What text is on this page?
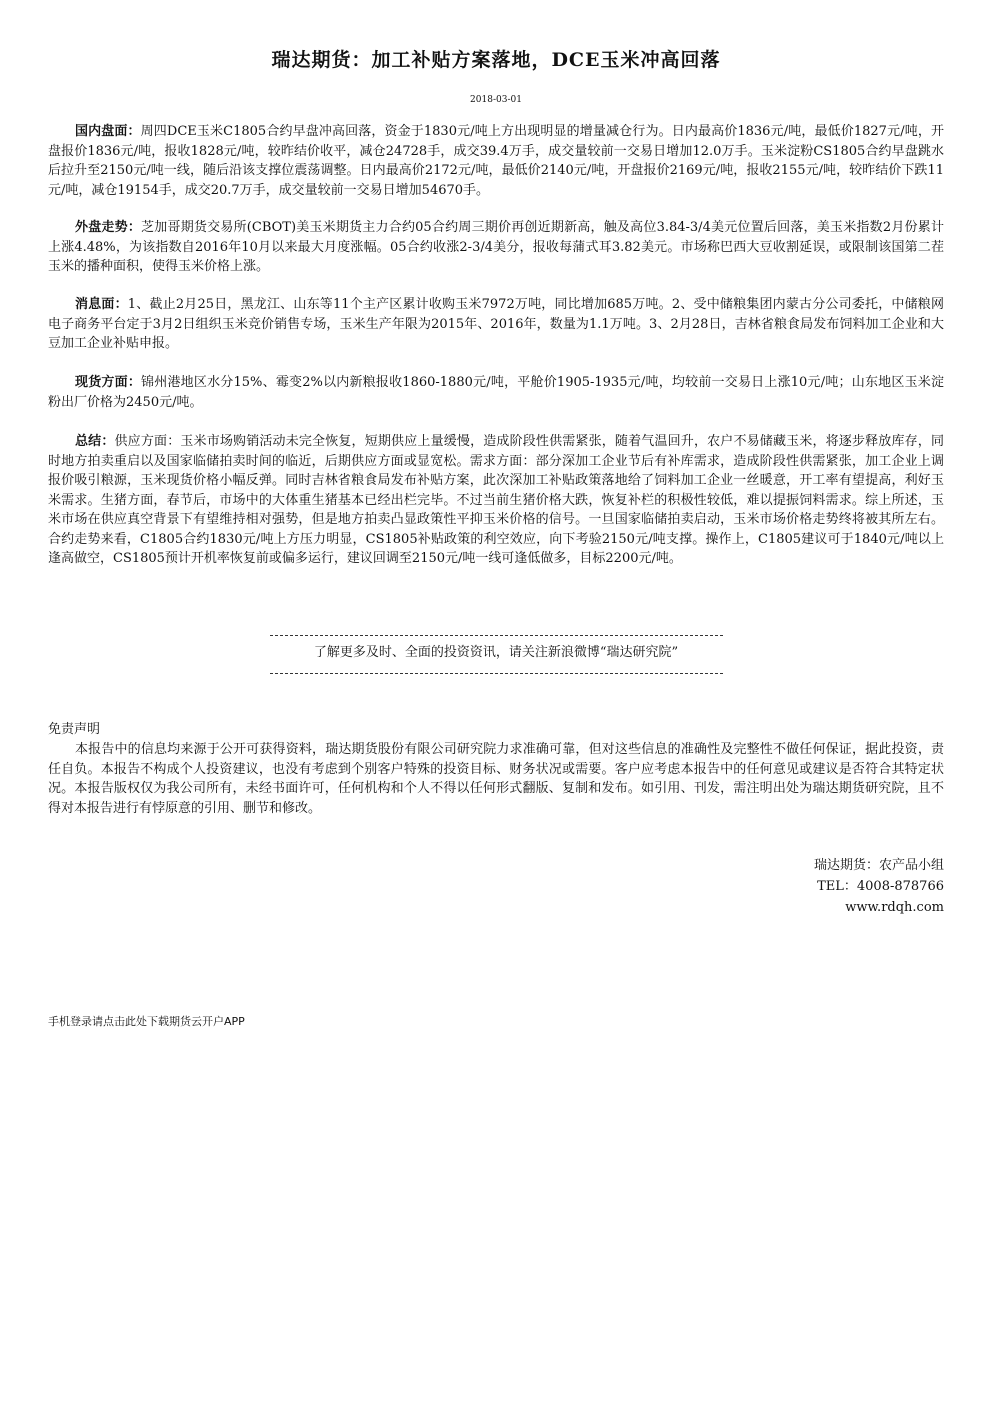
瑞达期货：加工补贴方案落地，DCE玉米冲高回落
2018-03-01

国内盘面：周四DCE玉米C1805合约早盘冲高回落，资金于1830元/吨上方出现明显的增量减仓行为。日内最高价1836元/吨，最低价1827元/吨，开盘报价1836元/吨，报收1828元/吨，较昨结价收平，减仓24728手，成交39.4万手，成交量较前一交易日增加12.0万手。玉米淀粉CS1805合约早盘跳水后拉升至2150元/吨一线，随后沿该支撑位震荡调整。日内最高价2172元/吨，最低价2140元/吨，开盘报价2169元/吨，报收2155元/吨，较昨结价下跌11元/吨，减仓19154手，成交20.7万手，成交量较前一交易日增加54670手。

外盘走势：芝加哥期货交易所(CBOT)美玉米期货主力合约05合约周三期价再创近期新高，触及高位3.84-3/4美元位置后回落，美玉米指数2月份累计上涨4.48%，为该指数自2016年10月以来最大月度涨幅。05合约收涨2-3/4美分，报收每蒲式耳3.82美元。市场称巴西大豆收割延误，或限制该国第二茬玉米的播种面积，使得玉米价格上涨。

消息面：1、截止2月25日，黑龙江、山东等11个主产区累计收购玉米7972万吨，同比增加685万吨。2、受中储粮集团内蒙古分公司委托，中储粮网电子商务平台定于3月2日组织玉米竞价销售专场，玉米生产年限为2015年、2016年，数量为1.1万吨。3、2月28日，吉林省粮食局发布饲料加工企业和大豆加工企业补贴申报。

现货方面：锦州港地区水分15%、霉变2%以内新粮报收1860-1880元/吨，平舱价1905-1935元/吨，均较前一交易日上涨10元/吨；山东地区玉米淀粉出厂价格为2450元/吨。

总结：供应方面：玉米市场购销活动未完全恢复，短期供应上量缓慢，造成阶段性供需紧张，随着气温回升，农户不易储藏玉米，将逐步释放库存，同时地方拍卖重启以及国家临储拍卖时间的临近，后期供应方面或显宽松。需求方面：部分深加工企业节后有补库需求，造成阶段性供需紧张，加工企业上调报价吸引粮源，玉米现货价格小幅反弹。同时吉林省粮食局发布补贴方案，此次深加工补贴政策落地给了饲料加工企业一丝暖意，开工率有望提高，利好玉米需求。生猪方面，春节后，市场中的大体重生猪基本已经出栏完毕。不过当前生猪价格大跌，恢复补栏的积极性较低，难以提振饲料需求。综上所述，玉米市场在供应真空背景下有望维持相对强势，但是地方拍卖凸显政策性平抑玉米价格的信号。一旦国家临储拍卖启动，玉米市场价格走势终将被其所左右。合约走势来看，C1805合约1830元/吨上方压力明显，CS1805补贴政策的利空效应，向下考验2150元/吨支撑。操作上，C1805建议可于1840元/吨以上逢高做空，CS1805预计开机率恢复前或偏多运行，建议回调至2150元/吨一线可逢低做多，目标2200元/吨。

了解更多及时、全面的投资资讯，请关注新浪微博“瑞达研究院”
免责声明

本报告中的信息均来源于公开可获得资料，瑞达期货股份有限公司研究院力求准确可靠，但对这些信息的准确性及完整性不做任何保证，据此投资，责任自负。本报告不构成个人投资建议，也没有考虑到个别客户特殊的投资目标、财务状况或需要。客户应考虑本报告中的任何意见或建议是否符合其特定状况。本报告版权仅为我公司所有，未经书面许可，任何机构和个人不得以任何形式翻版、复制和发布。如引用、刊发，需注明出处为瑞达期货研究院，且不得对本报告进行有悖原意的引用、删节和修改。

瑞达期货：农产品小组
TEL：4008-878766
www.rdqh.com
手机登录请点击此处下载期货云开户APP
